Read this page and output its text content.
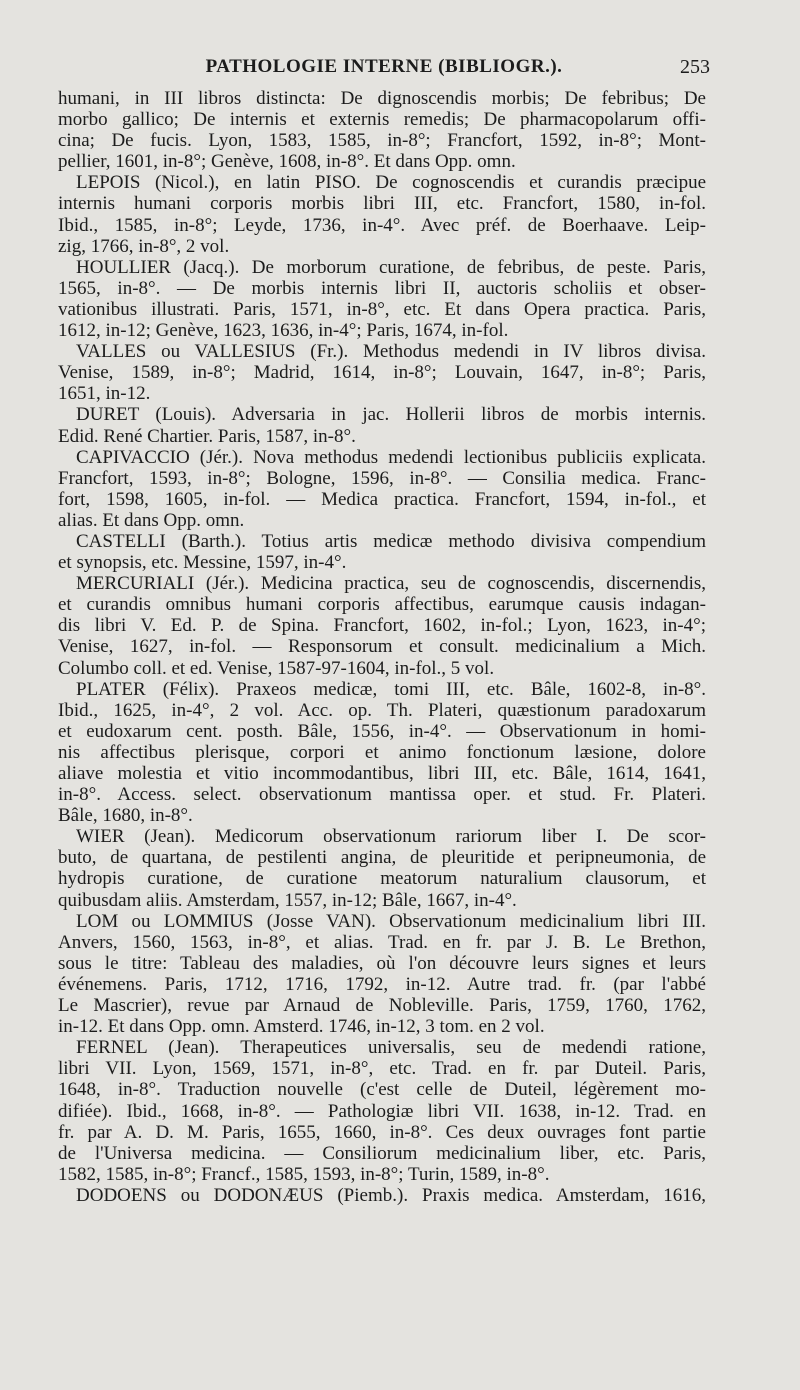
PATHOLOGIE INTERNE (BIBLIOGR.).	253
humani, in III libros distincta: De dignoscendis morbis; De febribus; De
morbo gallico; De internis et externis remedis; De pharmacopolarum offi-
cina; De fucis. Lyon, 1583, 1585, in-8°; Francfort, 1592, in-8°; Mont-
pellier, 1601, in-8°; Genève, 1608, in-8°. Et dans Opp. omn.
LEPOIS (Nicol.), en latin PISO. De cognoscendis et curandis præcipue
internis humani corporis morbis libri III, etc. Francfort, 1580, in-fol.
Ibid., 1585, in-8°; Leyde, 1736, in-4°. Avec préf. de Boerhaave. Leip-
zig, 1766, in-8°, 2 vol.
HOULLIER (Jacq.). De morborum curatione, de febribus, de peste. Paris,
1565, in-8°. — De morbis internis libri II, auctoris scholiis et obser-
vationibus illustrati. Paris, 1571, in-8°, etc. Et dans Opera practica. Paris,
1612, in-12; Genève, 1623, 1636, in-4°; Paris, 1674, in-fol.
VALLES ou VALLESIUS (Fr.). Methodus medendi in IV libros divisa.
Venise, 1589, in-8°; Madrid, 1614, in-8°; Louvain, 1647, in-8°; Paris,
1651, in-12.
DURET (Louis). Adversaria in jac. Hollerii libros de morbis internis.
Edid. René Chartier. Paris, 1587, in-8°.
CAPIVACCIO (Jér.). Nova methodus medendi lectionibus publiciis explicata.
Francfort, 1593, in-8°; Bologne, 1596, in-8°. — Consilia medica. Franc-
fort, 1598, 1605, in-fol. — Medica practica. Francfort, 1594, in-fol., et
alias. Et dans Opp. omn.
CASTELLI (Barth.). Totius artis medicæ methodo divisiva compendium
et synopsis, etc. Messine, 1597, in-4°.
MERCURIALI (Jér.). Medicina practica, seu de cognoscendis, discernendis,
et curandis omnibus humani corporis affectibus, earumque causis indagan-
dis libri V. Ed. P. de Spina. Francfort, 1602, in-fol.; Lyon, 1623, in-4°;
Venise, 1627, in-fol. — Responsorum et consult. medicinalium a Mich.
Columbo coll. et ed. Venise, 1587-97-1604, in-fol., 5 vol.
PLATER (Félix). Praxeos medicæ, tomi III, etc. Bâle, 1602-8, in-8°.
Ibid., 1625, in-4°, 2 vol. Acc. op. Th. Plateri, quæstionum paradoxarum
et eudoxarum cent. posth. Bâle, 1556, in-4°. — Observationum in homi-
nis affectibus plerisque, corpori et animo fonctionum læsione, dolore
aliave molestia et vitio incommodantibus, libri III, etc. Bâle, 1614, 1641,
in-8°. Access. select. observationum mantissa oper. et stud. Fr. Plateri.
Bâle, 1680, in-8°.
WIER (Jean). Medicorum observationum rariorum liber I. De scor-
buto, de quartana, de pestilenti angina, de pleuritide et peripneumonia, de
hydropis curatione, de curatione meatorum naturalium clausorum, et
quibusdam aliis. Amsterdam, 1557, in-12; Bâle, 1667, in-4°.
LOM ou LOMMIUS (Josse VAN). Observationum medicinalium libri III.
Anvers, 1560, 1563, in-8°, et alias. Trad. en fr. par J. B. Le Brethon,
sous le titre: Tableau des maladies, où l'on découvre leurs signes et leurs
événemens. Paris, 1712, 1716, 1792, in-12. Autre trad. fr. (par l'abbé
Le Mascrier), revue par Arnaud de Nobleville. Paris, 1759, 1760, 1762,
in-12. Et dans Opp. omn. Amsterd. 1746, in-12, 3 tom. en 2 vol.
FERNEL (Jean). Therapeutices universalis, seu de medendi ratione,
libri VII. Lyon, 1569, 1571, in-8°, etc. Trad. en fr. par Duteil. Paris,
1648, in-8°. Traduction nouvelle (c'est celle de Duteil, légèrement mo-
difiée). Ibid., 1668, in-8°. — Pathologiæ libri VII. 1638, in-12. Trad. en
fr. par A. D. M. Paris, 1655, 1660, in-8°. Ces deux ouvrages font partie
de l'Universa medicina. — Consiliorum medicinalium liber, etc. Paris,
1582, 1585, in-8°; Francf., 1585, 1593, in-8°; Turin, 1589, in-8°.
DODOENS ou DODONÆUS (Piemb.). Praxis medica. Amsterdam, 1616,
